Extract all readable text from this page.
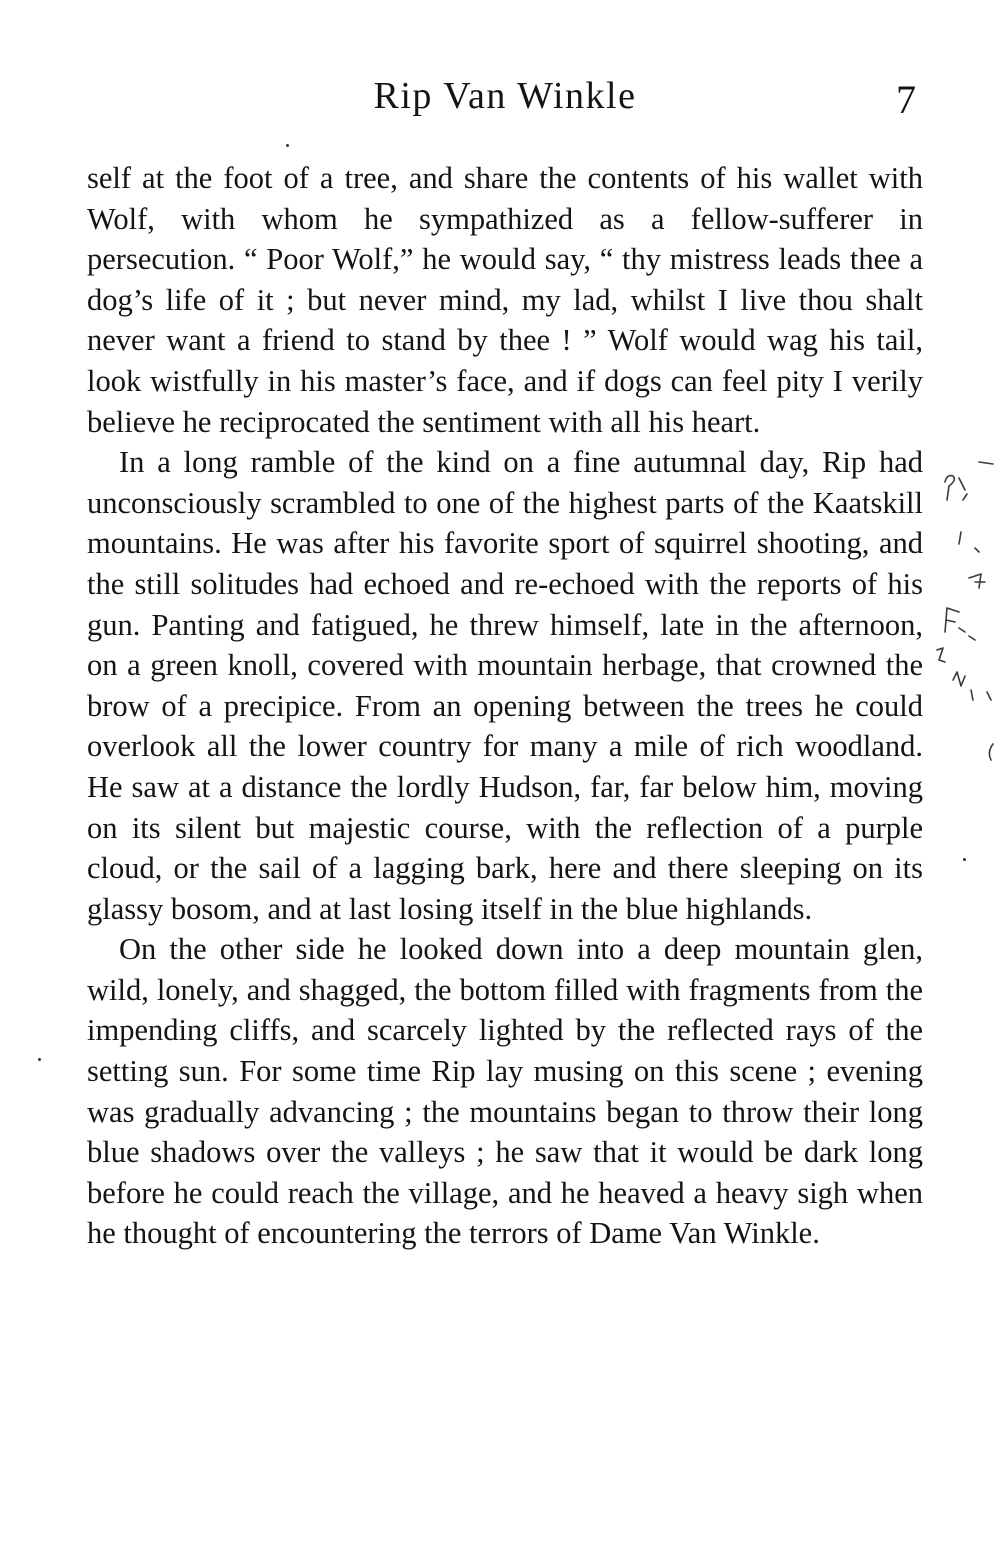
Rip Van Winkle	7

self at the foot of a tree, and share the contents of his wallet with Wolf, with whom he sympathized as a fellow-sufferer in persecution. “ Poor Wolf,” he would say, “ thy mistress leads thee a dog’s life of it ; but never mind, my lad, whilst I live thou shalt never want a friend to stand by thee ! ” Wolf would wag his tail, look wistfully in his master’s face, and if dogs can feel pity I verily believe he reciprocated the sentiment with all his heart.

In a long ramble of the kind on a fine autumnal day, Rip had unconsciously scrambled to one of the highest parts of the Kaatskill mountains. He was after his favorite sport of squirrel shooting, and the still solitudes had echoed and re-echoed with the reports of his gun. Panting and fatigued, he threw himself, late in the afternoon, on a green knoll, covered with mountain herbage, that crowned the brow of a precipice. From an opening between the trees he could overlook all the lower country for many a mile of rich woodland. He saw at a distance the lordly Hudson, far, far below him, moving on its silent but majestic course, with the reflection of a purple cloud, or the sail of a lagging bark, here and there sleeping on its glassy bosom, and at last losing itself in the blue highlands.

On the other side he looked down into a deep mountain glen, wild, lonely, and shagged, the bottom filled with fragments from the impending cliffs, and scarcely lighted by the reflected rays of the setting sun. For some time Rip lay musing on this scene ; evening was gradually advancing ; the mountains began to throw their long blue shadows over the valleys ; he saw that it would be dark long before he could reach the village, and he heaved a heavy sigh when he thought of encountering the terrors of Dame Van Winkle.
